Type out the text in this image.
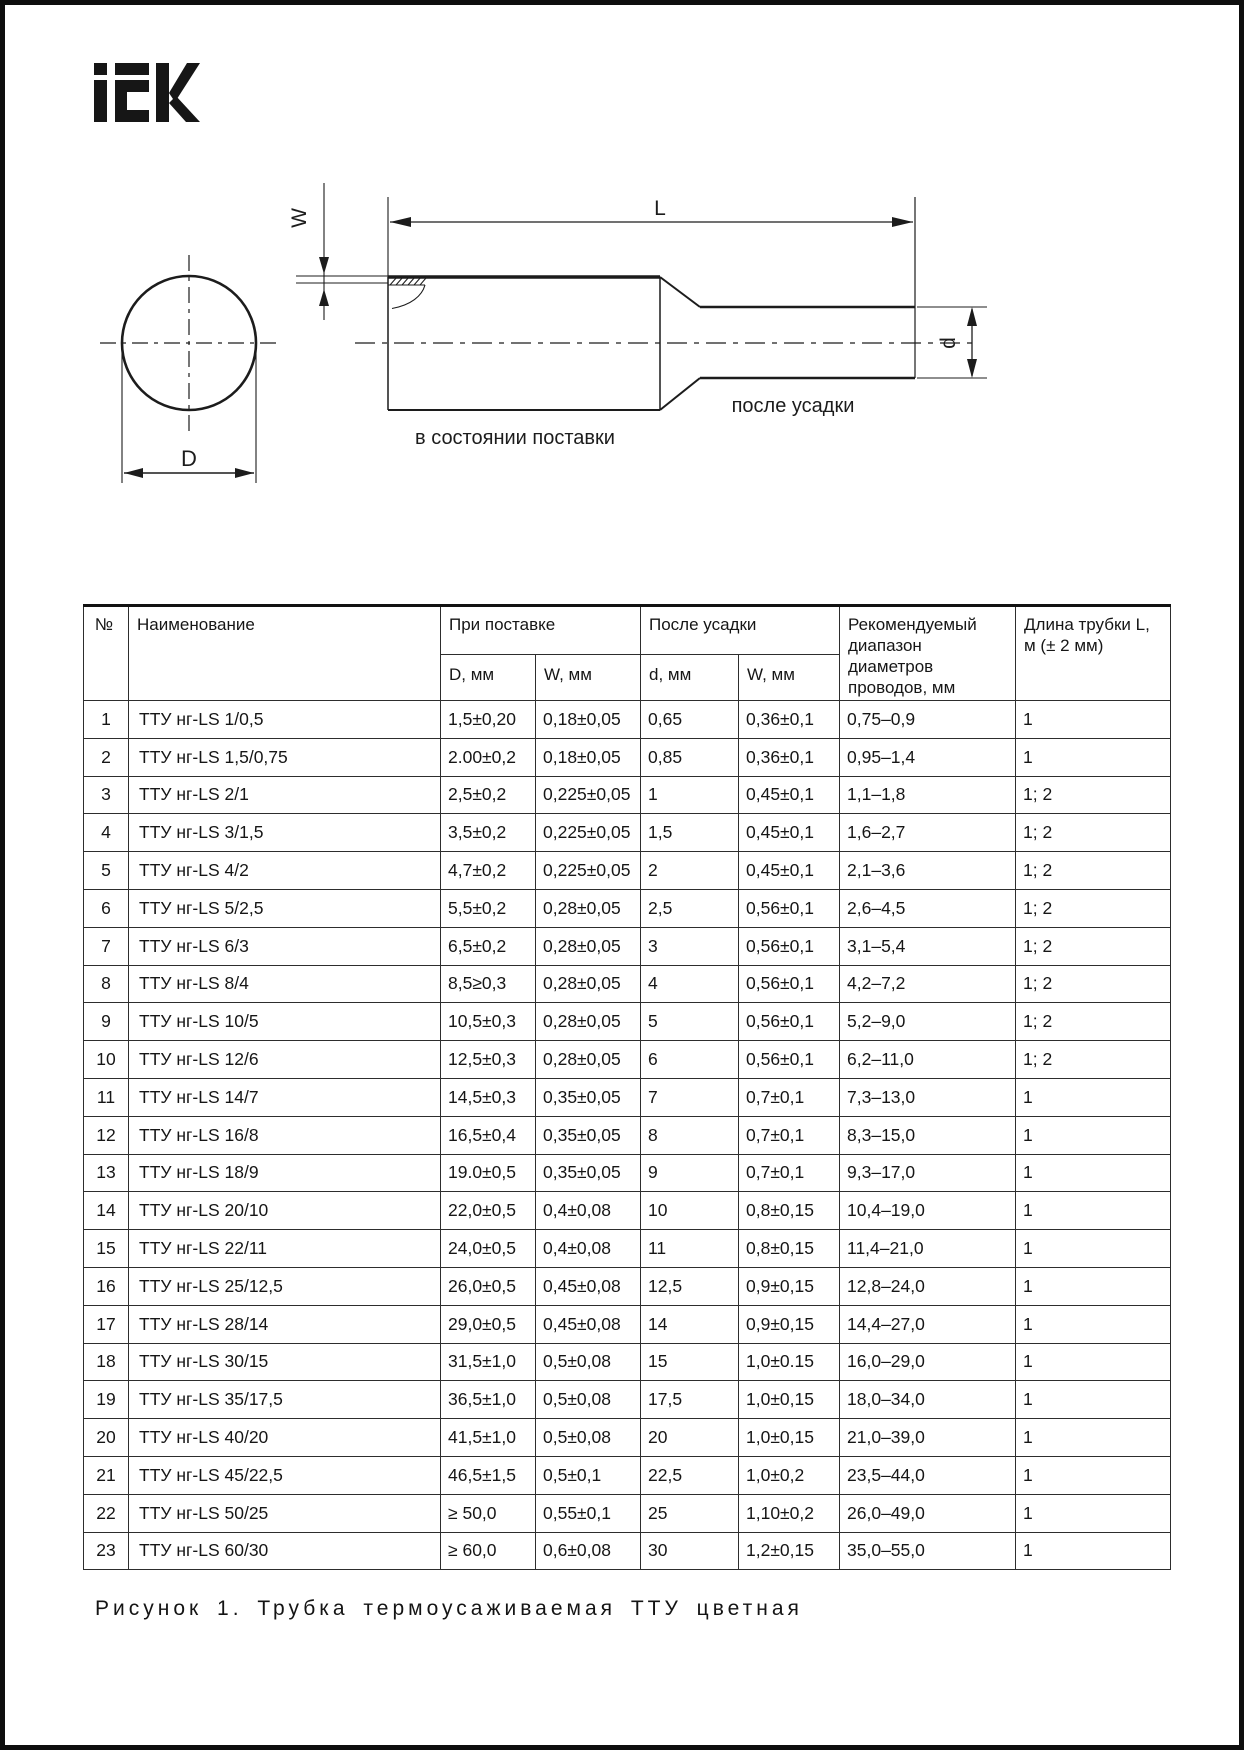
W	L
D
d
в состоянии поставки
после усадки
№	Наименование	При поставке		После усадки		Рекомендуемый диапазон диаметров проводов, мм	Длина трубки L, м (± 2 мм)
		D, мм	W, мм	d, мм	W, мм		
1	ТТУ нг-LS 1/0,5	1,5±0,20	0,18±0,05	0,65	0,36±0,1	0,75–0,9	1
2	ТТУ нг-LS 1,5/0,75	2.00±0,2	0,18±0,05	0,85	0,36±0,1	0,95–1,4	1
3	ТТУ нг-LS 2/1	2,5±0,2	0,225±0,05	1	0,45±0,1	1,1–1,8	1; 2
4	ТТУ нг-LS 3/1,5	3,5±0,2	0,225±0,05	1,5	0,45±0,1	1,6–2,7	1; 2
5	ТТУ нг-LS 4/2	4,7±0,2	0,225±0,05	2	0,45±0,1	2,1–3,6	1; 2
6	ТТУ нг-LS 5/2,5	5,5±0,2	0,28±0,05	2,5	0,56±0,1	2,6–4,5	1; 2
7	ТТУ нг-LS 6/3	6,5±0,2	0,28±0,05	3	0,56±0,1	3,1–5,4	1; 2
8	ТТУ нг-LS 8/4	8,5≥0,3	0,28±0,05	4	0,56±0,1	4,2–7,2	1; 2
9	ТТУ нг-LS 10/5	10,5±0,3	0,28±0,05	5	0,56±0,1	5,2–9,0	1; 2
10	ТТУ нг-LS 12/6	12,5±0,3	0,28±0,05	6	0,56±0,1	6,2–11,0	1; 2
11	ТТУ нг-LS 14/7	14,5±0,3	0,35±0,05	7	0,7±0,1	7,3–13,0	1
12	ТТУ нг-LS 16/8	16,5±0,4	0,35±0,05	8	0,7±0,1	8,3–15,0	1
13	ТТУ нг-LS 18/9	19.0±0,5	0,35±0,05	9	0,7±0,1	9,3–17,0	1
14	ТТУ нг-LS 20/10	22,0±0,5	0,4±0,08	10	0,8±0,15	10,4–19,0	1
15	ТТУ нг-LS 22/11	24,0±0,5	0,4±0,08	11	0,8±0,15	11,4–21,0	1
16	ТТУ нг-LS 25/12,5	26,0±0,5	0,45±0,08	12,5	0,9±0,15	12,8–24,0	1
17	ТТУ нг-LS 28/14	29,0±0,5	0,45±0,08	14	0,9±0,15	14,4–27,0	1
18	ТТУ нг-LS 30/15	31,5±1,0	0,5±0,08	15	1,0±0.15	16,0–29,0	1
19	ТТУ нг-LS 35/17,5	36,5±1,0	0,5±0,08	17,5	1,0±0,15	18,0–34,0	1
20	ТТУ нг-LS 40/20	41,5±1,0	0,5±0,08	20	1,0±0,15	21,0–39,0	1
21	ТТУ нг-LS 45/22,5	46,5±1,5	0,5±0,1	22,5	1,0±0,2	23,5–44,0	1
22	ТТУ нг-LS 50/25	≥ 50,0	0,55±0,1	25	1,10±0,2	26,0–49,0	1
23	ТТУ нг-LS 60/30	≥ 60,0	0,6±0,08	30	1,2±0,15	35,0–55,0	1
Рисунок 1. Трубка термоусаживаемая ТТУ цветная
